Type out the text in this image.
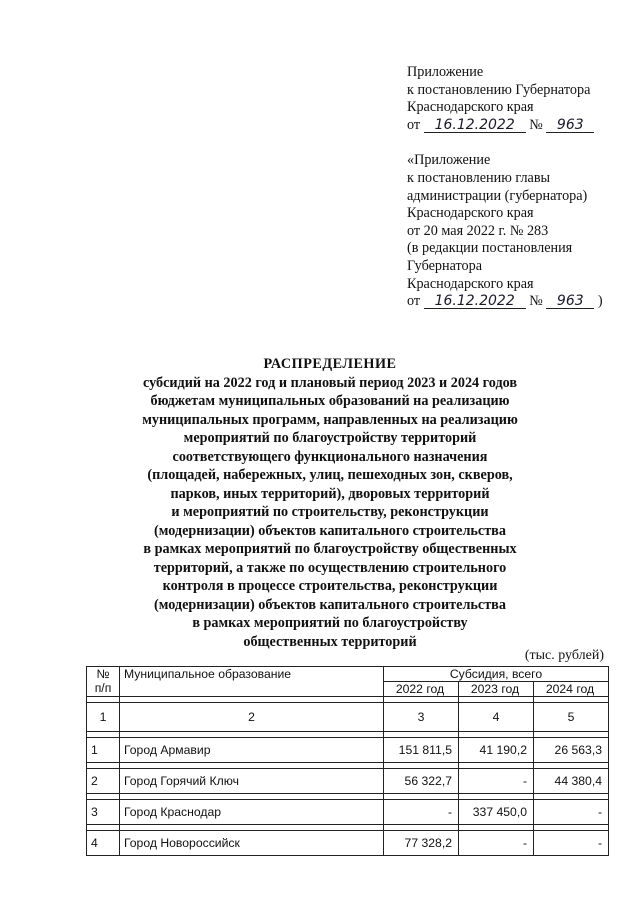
Приложение
к постановлению Губернатора
Краснодарского края
от 16.12.2022 № 963
«Приложение
к постановлению главы
администрации (губернатора)
Краснодарского края
от 20 мая 2022 г. № 283
(в редакции постановления
Губернатора
Краснодарского края
от 16.12.2022 № 963 )
РАСПРЕДЕЛЕНИЕ
субсидий на 2022 год и плановый период 2023 и 2024 годов
бюджетам муниципальных образований на реализацию
муниципальных программ, направленных на реализацию
мероприятий по благоустройству территорий
соответствующего функционального назначения
(площадей, набережных, улиц, пешеходных зон, скверов,
парков, иных территорий), дворовых территорий
и мероприятий по строительству, реконструкции
(модернизации) объектов капитального строительства
в рамках мероприятий по благоустройству общественных
территорий, а также по осуществлению строительного
контроля в процессе строительства, реконструкции
(модернизации) объектов капитального строительства
в рамках мероприятий по благоустройству
общественных территорий
(тыс. рублей)
№ п/п	Муниципальное образование	Субсидия, всего		
		2022 год	2023 год	2024 год

1	2	3	4	5

1	Город Армавир	151 811,5	41 190,2	26 563,3

2	Город Горячий Ключ	56 322,7	-	44 380,4

3	Город Краснодар	-	337 450,0	-

4	Город Новороссийск	77 328,2	-	-
